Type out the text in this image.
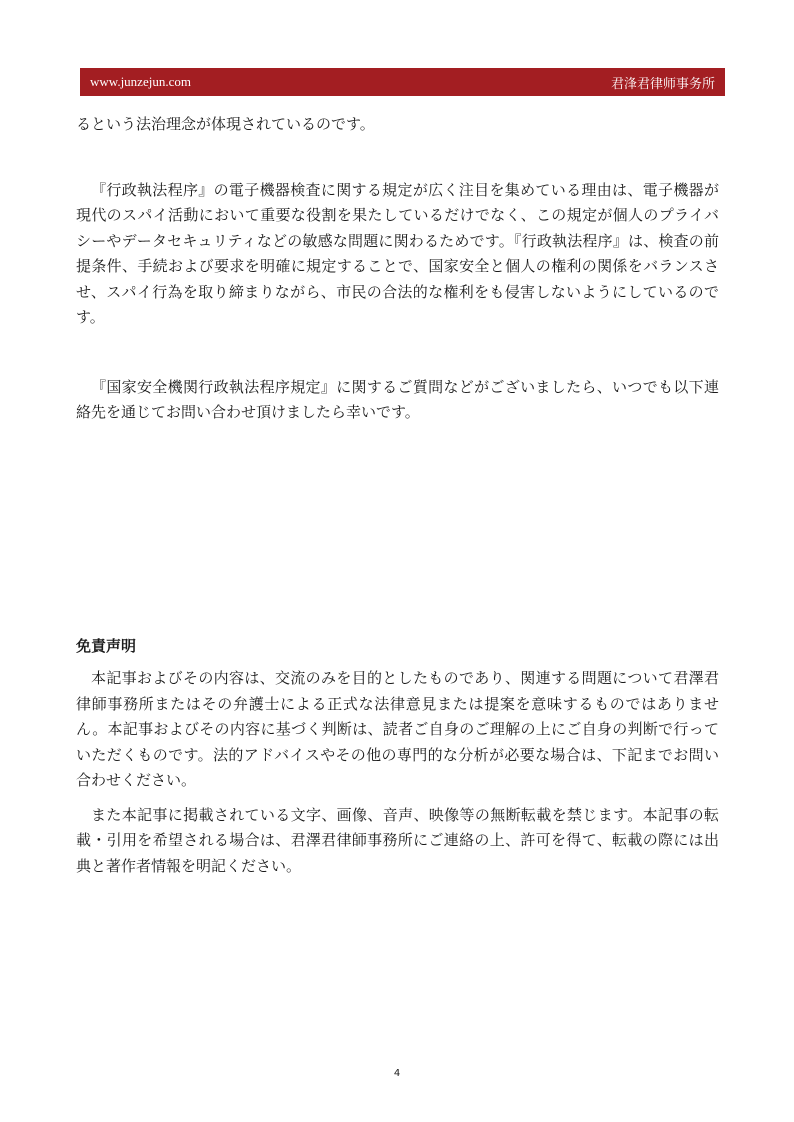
www.junzejun.com	君浲君律师事务所

るという法治理念が体現されているのです。

『行政執法程序』の電子機器検査に関する規定が広く注目を集めている理由は、電子機器が現代のスパイ活動において重要な役割を果たしているだけでなく、この規定が個人のプライバシーやデータセキュリティなどの敏感な問題に関わるためです。『行政執法程序』は、検査の前提条件、手続および要求を明確に規定することで、国家安全と個人の権利の関係をバランスさせ、スパイ行為を取り締まりながら、市民の合法的な権利をも侵害しないようにしているのです。

『国家安全機関行政執法程序規定』に関するご質問などがございましたら、いつでも以下連絡先を通じてお問い合わせ頂けましたら幸いです。

免責声明

本記事およびその内容は、交流のみを目的としたものであり、関連する問題について君澤君律師事務所またはその弁護士による正式な法律意見または提案を意味するものではありません。本記事およびその内容に基づく判断は、読者ご自身のご理解の上にご自身の判断で行っていただくものです。法的アドバイスやその他の専門的な分析が必要な場合は、下記までお問い合わせください。

また本記事に掲載されている文字、画像、音声、映像等の無断転載を禁じます。本記事の転載・引用を希望される場合は、君澤君律師事務所にご連絡の上、許可を得て、転載の際には出典と著作者情報を明記ください。

4
